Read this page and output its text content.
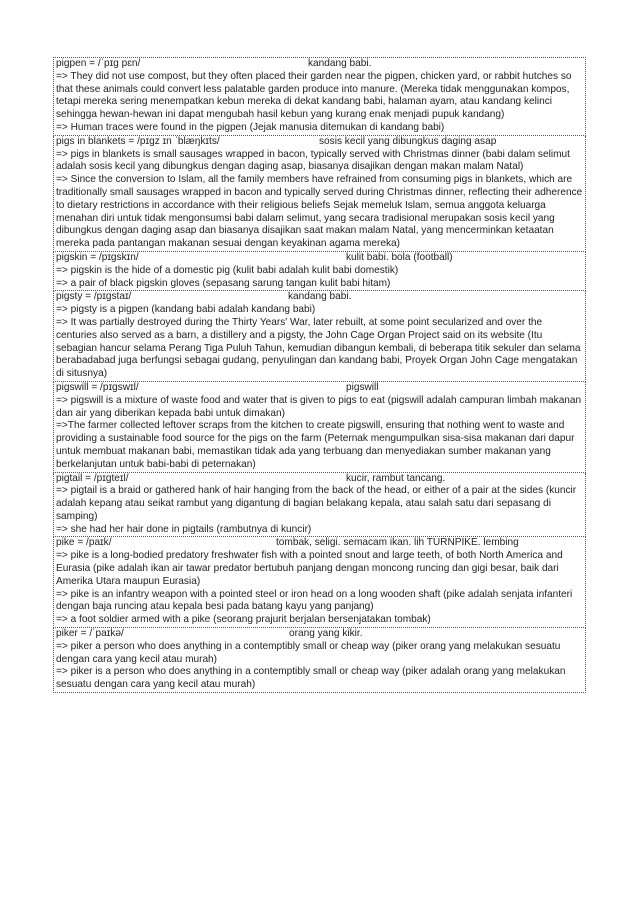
pigpen = /ˈpɪg pɛn/	kandang babi.
=> They did not use compost, but they often placed their garden near the pigpen, chicken yard, or rabbit hutches so that these animals could convert less palatable garden produce into manure. (Mereka tidak menggunakan kompos, tetapi mereka sering menempatkan kebun mereka di dekat kandang babi, halaman ayam, atau kandang kelinci sehingga hewan-hewan ini dapat mengubah hasil kebun yang kurang enak menjadi pupuk kandang)
=> Human traces were found in the pigpen (Jejak manusia ditemukan di kandang babi)
pigs in blankets = /pɪgz ɪn ˈblæŋkɪts/	sosis kecil yang dibungkus daging asap
=> pigs in blankets is small sausages wrapped in bacon, typically served with Christmas dinner (babi dalam selimut adalah sosis kecil yang dibungkus dengan daging asap, biasanya disajikan dengan makan malam Natal)
=> Since the conversion to Islam, all the family members have refrained from consuming pigs in blankets, which are traditionally small sausages wrapped in bacon and typically served during Christmas dinner, reflecting their adherence to dietary restrictions in accordance with their religious beliefs Sejak memeluk Islam, semua anggota keluarga menahan diri untuk tidak mengonsumsi babi dalam selimut, yang secara tradisional merupakan sosis kecil yang dibungkus dengan daging asap dan biasanya disajikan saat makan malam Natal, yang mencerminkan ketaatan mereka pada pantangan makanan sesuai dengan keyakinan agama mereka)
pigskin = /pɪgskɪn/	kulit babi. bola (football)
=> pigskin is the hide of a domestic pig (kulit babi adalah kulit babi domestik)
=> a pair of black pigskin gloves (sepasang sarung tangan kulit babi hitam)
pigsty = /pɪgstaɪ/	kandang babi.
=> pigsty is a pigpen (kandang babi adalah kandang babi)
=> It was partially destroyed during the Thirty Years' War, later rebuilt, at some point secularized and over the centuries also served as a barn, a distillery and a pigsty, the John Cage Organ Project said on its website (Itu sebagian hancur selama Perang Tiga Puluh Tahun, kemudian dibangun kembali, di beberapa titik sekuler dan selama berabadabad juga berfungsi sebagai gudang, penyulingan dan kandang babi, Proyek Organ John Cage mengatakan di situsnya)
pigswill = /pɪgswɪl/	pigswill
=> pigswill is a mixture of waste food and water that is given to pigs to eat (pigswill adalah campuran limbah makanan dan air yang diberikan kepada babi untuk dimakan)
=>The farmer collected leftover scraps from the kitchen to create pigswill, ensuring that nothing went to waste and providing a sustainable food source for the pigs on the farm (Peternak mengumpulkan sisa-sisa makanan dari dapur untuk membuat makanan babi, memastikan tidak ada yang terbuang dan menyediakan sumber makanan yang berkelanjutan untuk babi-babi di peternakan)
pigtail = /pɪgteɪl/	kucir, rambut tancang.
=> pigtail is a braid or gathered hank of hair hanging from the back of the head, or either of a pair at the sides (kuncir adalah kepang atau seikat rambut yang digantung di bagian belakang kepala, atau salah satu dari sepasang di samping)
=> she had her hair done in pigtails (rambutnya di kuncir)
pike = /paɪk/	tombak, seligi. semacam ikan. lih TURNPIKE. lembing
=> pike is a long-bodied predatory freshwater fish with a pointed snout and large teeth, of both North America and Eurasia (pike adalah ikan air tawar predator bertubuh panjang dengan moncong runcing dan gigi besar, baik dari Amerika Utara maupun Eurasia)
=> pike is an infantry weapon with a pointed steel or iron head on a long wooden shaft (pike adalah senjata infanteri dengan baja runcing atau kepala besi pada batang kayu yang panjang)
=> a foot soldier armed with a pike (seorang prajurit berjalan bersenjatakan tombak)
piker = /ˈpaɪkə/	orang yang kikir.
=> piker a person who does anything in a contemptibly small or cheap way (piker orang yang melakukan sesuatu dengan cara yang kecil atau murah)
=> piker is a person who does anything in a contemptibly small or cheap way (piker adalah orang yang melakukan sesuatu dengan cara yang kecil atau murah)
